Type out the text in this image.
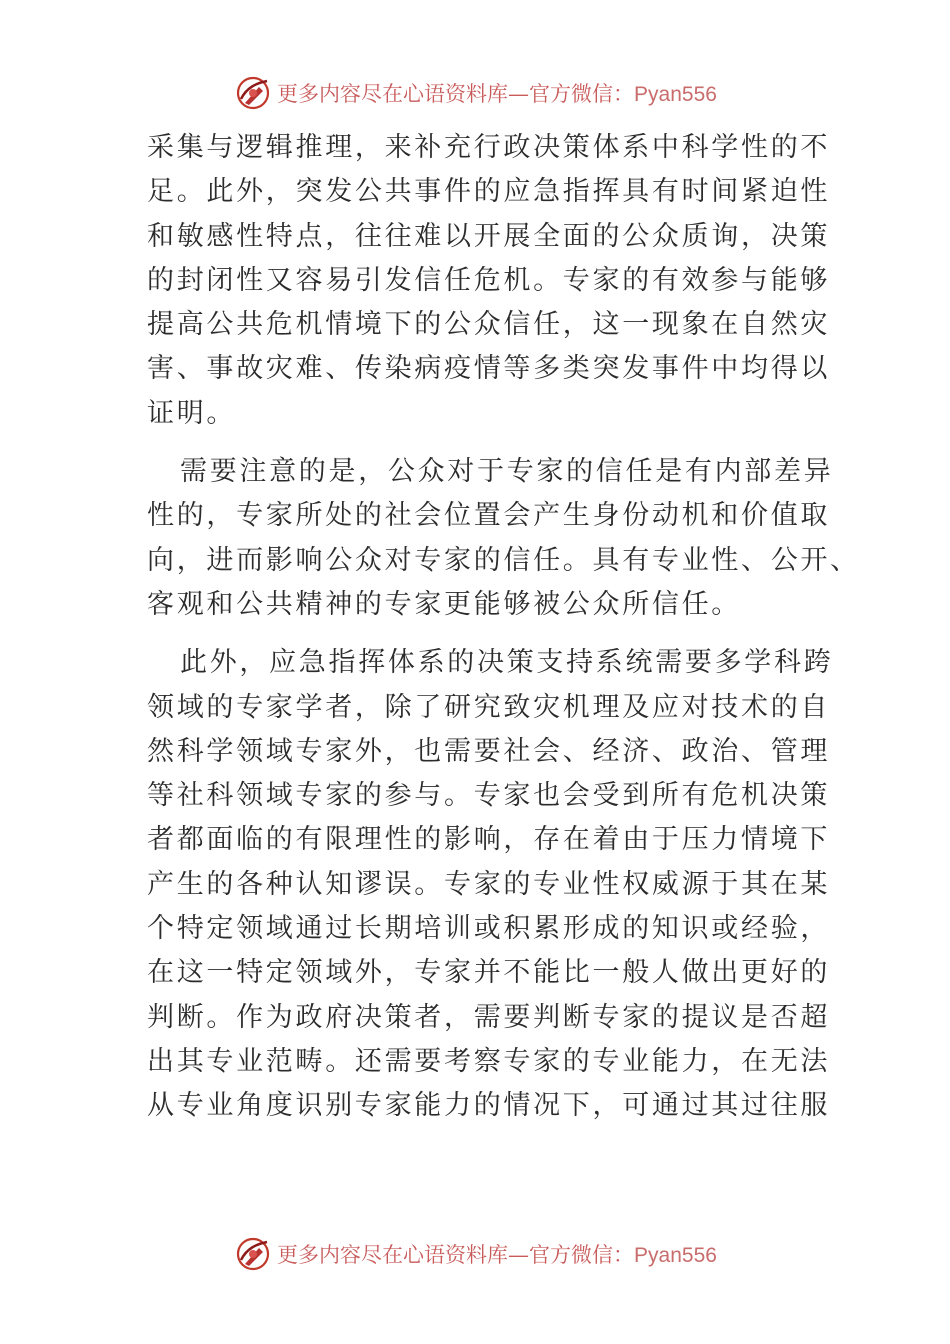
更多内容尽在心语资料库—官方微信：Pyan556

采集与逻辑推理，来补充行政决策体系中科学性的不
足。此外，突发公共事件的应急指挥具有时间紧迫性
和敏感性特点，往往难以开展全面的公众质询，决策
的封闭性又容易引发信任危机。专家的有效参与能够
提高公共危机情境下的公众信任，这一现象在自然灾
害、事故灾难、传染病疫情等多类突发事件中均得以
证明。

需要注意的是，公众对于专家的信任是有内部差异
性的，专家所处的社会位置会产生身份动机和价值取
向，进而影响公众对专家的信任。具有专业性、公开、
客观和公共精神的专家更能够被公众所信任。

此外，应急指挥体系的决策支持系统需要多学科跨
领域的专家学者，除了研究致灾机理及应对技术的自
然科学领域专家外，也需要社会、经济、政治、管理
等社科领域专家的参与。专家也会受到所有危机决策
者都面临的有限理性的影响，存在着由于压力情境下
产生的各种认知谬误。专家的专业性权威源于其在某
个特定领域通过长期培训或积累形成的知识或经验，
在这一特定领域外，专家并不能比一般人做出更好的
判断。作为政府决策者，需要判断专家的提议是否超
出其专业范畴。还需要考察专家的专业能力，在无法
从专业角度识别专家能力的情况下，可通过其过往服

更多内容尽在心语资料库—官方微信：Pyan556
